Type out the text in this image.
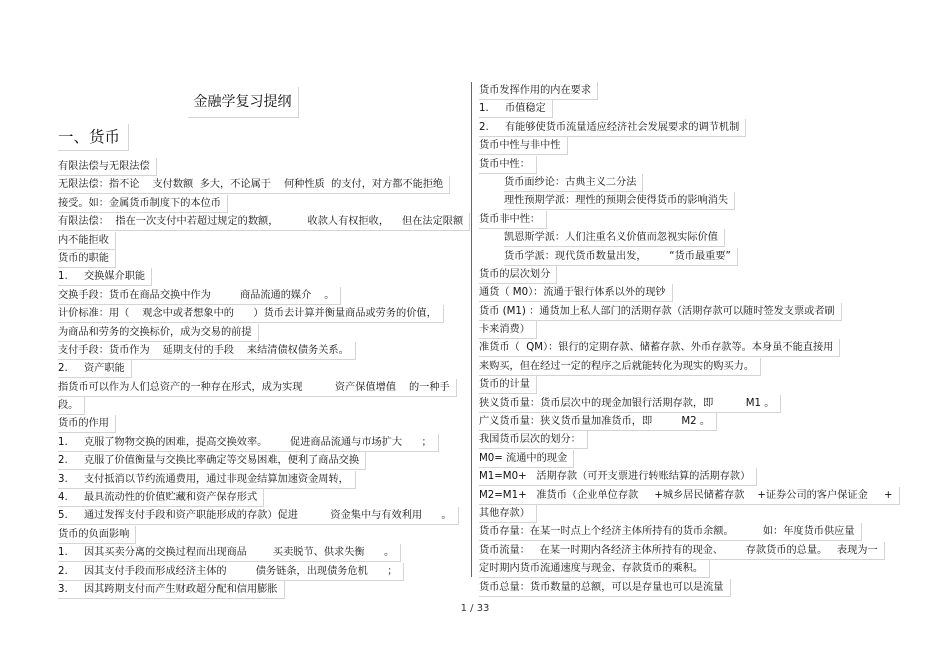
金融学复习提纲
一、货币
有限法偿与无限法偿
无限法偿：指不论    支付数额  多大，不论属于    何种性质  的支付，对方都不能拒绝
接受。如：金属货币制度下的本位币
有限法偿：  指在一次支付中若超过规定的数额，         收款人有权拒收，    但在法定限额
内不能拒收
货币的职能
1. 交换媒介职能
交换手段：货币在商品交换中作为         商品流通的媒介    。
计价标准：用（    观念中或者想象中的      ）货币去计算并衡量商品或劳务的价值，
为商品和劳务的交换标价，成为交易的前提
支付手段：货币作为    延期支付的手段    来结清债权债务关系。
2. 资产职能
指货币可以作为人们总资产的一种存在形式，成为实现          资产保值增值    的一种手
段。
货币的作用
1. 克服了物物交换的困难，提高交换效率。       促进商品流通与市场扩大      ；
2. 克服了价值衡量与交换比率确定等交易困难，便利了商品交换
3. 支付抵消以节约流通费用，通过非现金结算加速资金周转，
4. 最具流动性的价值贮藏和资产保存形式
5. 通过发挥支付手段和资产职能形成的存款）促进          资金集中与有效利用      。
货币的负面影响
1. 因其买卖分离的交换过程而出现商品        买卖脱节、供求失衡      。
2. 因其支付手段而形成经济主体的         债务链条，出现债务危机      ；
3. 因其跨期支付而产生财政超分配和信用膨胀
货币发挥作用的内在要求
1. 币值稳定
2. 有能够使货币流量适应经济社会发展要求的调节机制
货币中性与非中性
货币中性：
货币面纱论：古典主义二分法
理性预期学派：理性的预期会使得货币的影响消失
货币非中性：
凯恩斯学派：人们注重名义价值而忽视实际价值
货币学派：现代货币数量出发，       “货币最重要”
货币的层次划分
通货（ M0）：流通于银行体系以外的现钞
货币 (M1) ：通货加上私人部门的活期存款（活期存款可以随时签发支票或者刷
卡来消费）
准货币（  QM）：银行的定期存款、储蓄存款、外币存款等。本身虽不能直接用
来购买，但在经过一定的程序之后就能转化为现实的购买力。
货币的计量
狭义货币量：货币层次中的现金加银行活期存款，即          M1 。
广义货币量：狭义货币量加准货币，即         M2 。
我国货币层次的划分：
M0= 流通中的现金
M1=M0+   活期存款（可开支票进行转账结算的活期存款）
M2=M1+   准货币（企业单位存款     +城乡居民储蓄存款    +证券公司的客户保证金     +
其他存款）
货币存量：在某一时点上个经济主体所持有的货币余额。         如：年度货币供应量
货币流量：   在某一时期内各经济主体所持有的现金、       存款货币的总量。   表现为一
定时期内货币流通速度与现金、存款货币的乘积。
货币总量：货币数量的总额，可以是存量也可以是流量
1 / 33
